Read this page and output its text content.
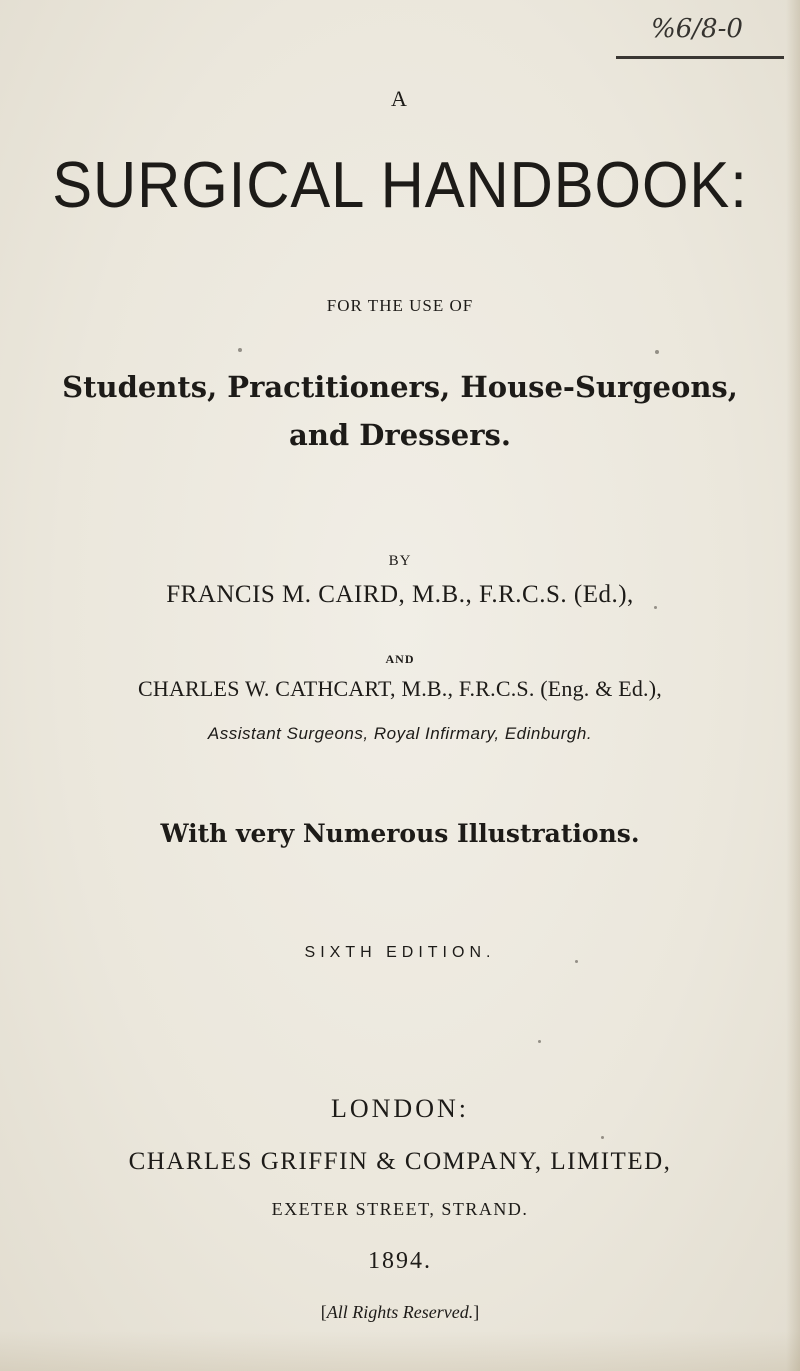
%6/8-0
A
SURGICAL HANDBOOK:
FOR THE USE OF
Students, Practitioners, House-Surgeons,
and Dressers.
BY
FRANCIS M. CAIRD, M.B., F.R.C.S. (Ed.),
AND
CHARLES W. CATHCART, M.B., F.R.C.S. (Eng. & Ed.),
Assistant Surgeons, Royal Infirmary, Edinburgh.
With very Numerous Illustrations.
SIXTH EDITION.
LONDON:
CHARLES GRIFFIN & COMPANY, LIMITED,
EXETER STREET, STRAND.
1894.
[All Rights Reserved.]
